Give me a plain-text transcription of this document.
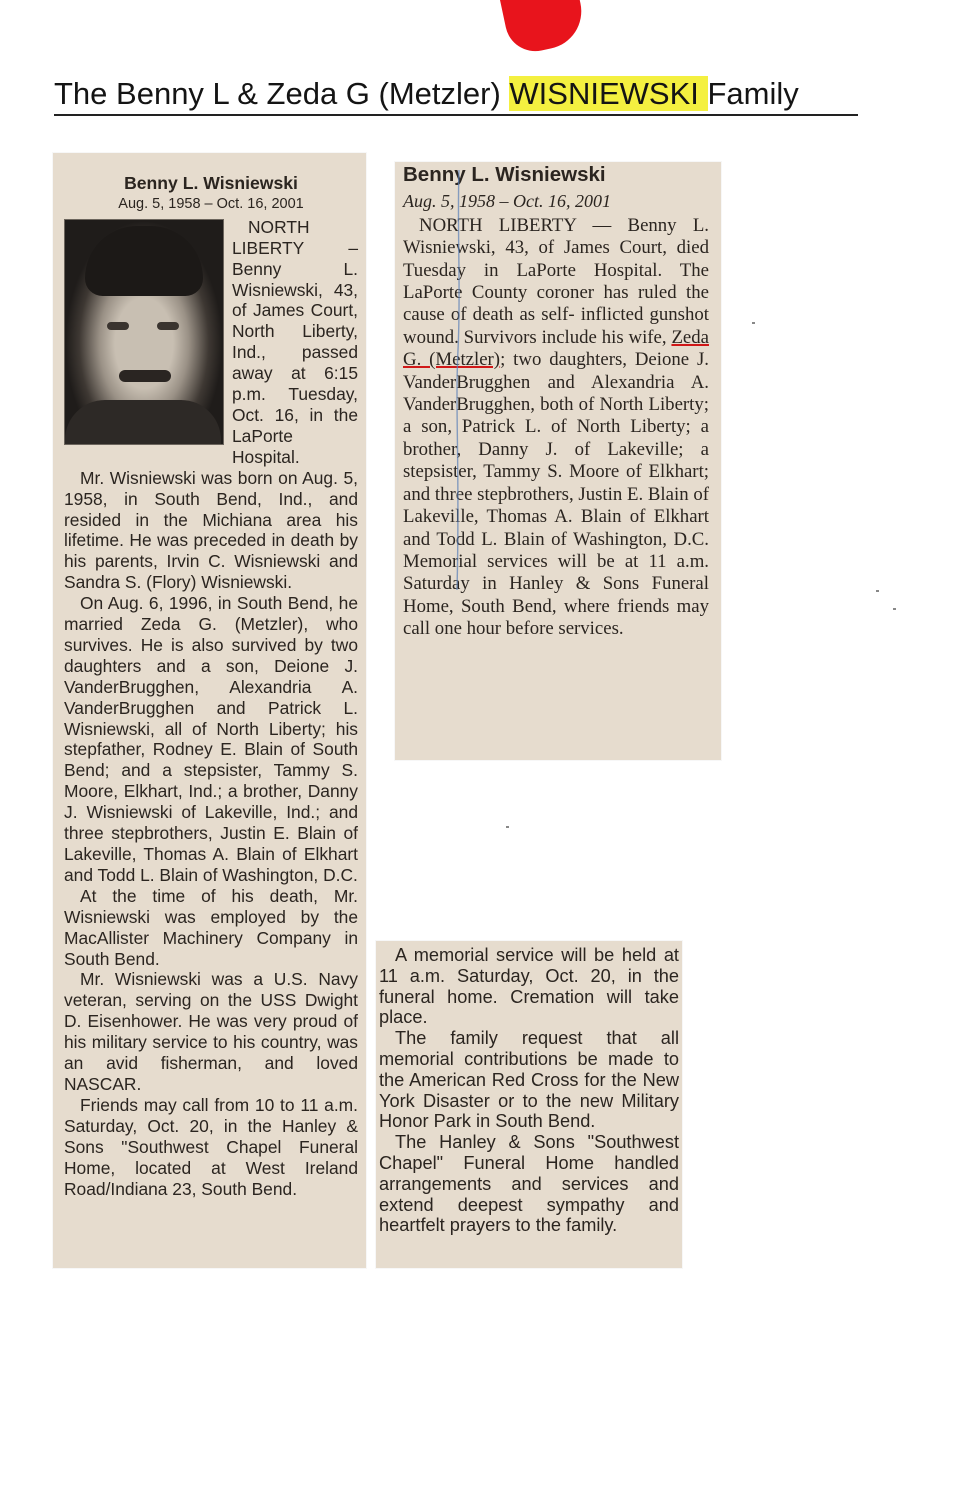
The Benny L & Zeda G (Metzler) WISNIEWSKI Family

Benny L. Wisniewski

Aug. 5, 1958 – Oct. 16, 2001

NORTH LIBERTY – Benny L. Wisniewski, 43, of James Court, North Liberty, Ind., passed away at 6:15 p.m. Tuesday, Oct. 16, in the LaPorte Hospital.

Mr. Wisniewski was born on Aug. 5, 1958, in South Bend, Ind., and resided in the Michiana area his lifetime. He was preceded in death by his parents, Irvin C. Wisniewski and Sandra S. (Flory) Wisniewski.

On Aug. 6, 1996, in South Bend, he married Zeda G. (Metzler), who survives. He is also survived by two daughters and a son, Deione J. VanderBrugghen, Alexandria A. VanderBrugghen and Patrick L. Wisniewski, all of North Liberty; his stepfather, Rodney E. Blain of South Bend; and a stepsister, Tammy S. Moore, Elkhart, Ind.; a brother, Danny J. Wisniewski of Lakeville, Ind.; and three stepbrothers, Justin E. Blain of Lakeville, Thomas A. Blain of Elkhart and Todd L. Blain of Washington, D.C.

At the time of his death, Mr. Wisniewski was employed by the MacAllister Machinery Company in South Bend.

Mr. Wisniewski was a U.S. Navy veteran, serving on the USS Dwight D. Eisenhower. He was very proud of his military service to his country, was an avid fisherman, and loved NASCAR.

Friends may call from 10 to 11 a.m. Saturday, Oct. 20, in the Hanley & Sons "Southwest Chapel Funeral Home, located at West Ireland Road/Indiana 23, South Bend.

Benny L. Wisniewski

Aug. 5, 1958 – Oct. 16, 2001

NORTH LIBERTY — Benny L. Wisniewski, 43, of James Court, died Tuesday in LaPorte Hospital. The LaPorte County coroner has ruled the cause of death as self- inflicted gunshot wound. Survivors include his wife, Zeda G. (Metzler); two daughters, Deione J. VanderBrugghen and Alexandria A. VanderBrugghen, both of North Liberty; a son, Patrick L. of North Liberty; a brother, Danny J. of Lakeville; a stepsister, Tammy S. Moore of Elkhart; and three stepbrothers, Justin E. Blain of Lakeville, Thomas A. Blain of Elkhart and Todd L. Blain of Washington, D.C. Memorial services will be at 11 a.m. Saturday in Hanley & Sons Funeral Home, South Bend, where friends may call one hour before services.

A memorial service will be held at 11 a.m. Saturday, Oct. 20, in the funeral home. Cremation will take place.

The family request that all memorial contributions be made to the American Red Cross for the New York Disaster or to the new Military Honor Park in South Bend.

The Hanley & Sons "Southwest Chapel" Funeral Home handled arrangements and services and extend deepest sympathy and heartfelt prayers to the family.
